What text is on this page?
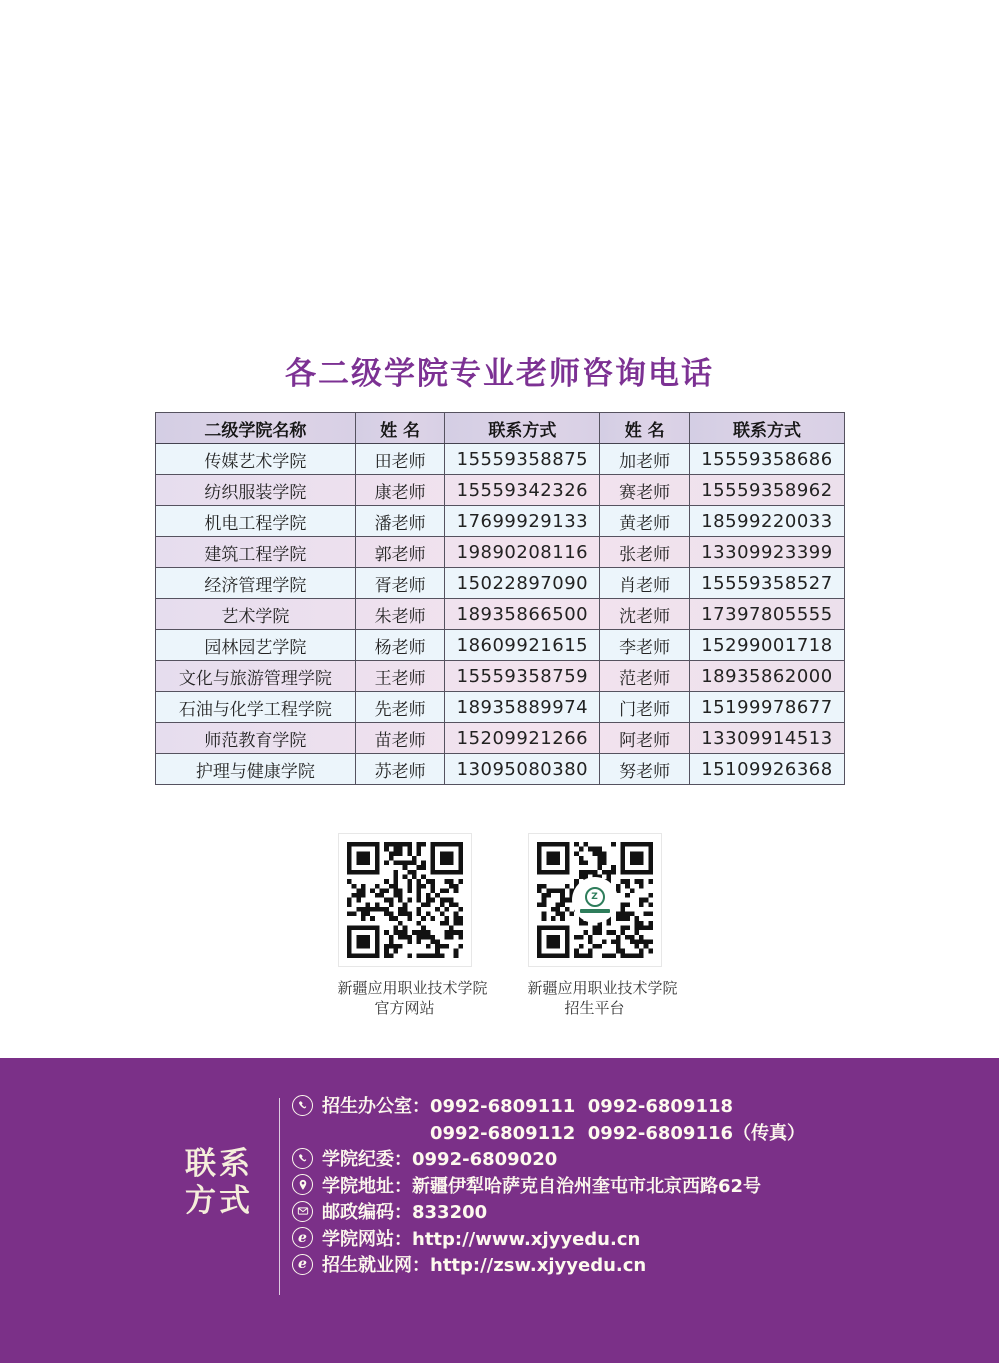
各二级学院专业老师咨询电话
二级学院名称	姓 名	联系方式	姓 名	联系方式
传媒艺术学院	田老师	15559358875	加老师	15559358686
纺织服装学院	康老师	15559342326	赛老师	15559358962
机电工程学院	潘老师	17699929133	黄老师	18599220033
建筑工程学院	郭老师	19890208116	张老师	13309923399
经济管理学院	胥老师	15022897090	肖老师	15559358527
艺术学院	朱老师	18935866500	沈老师	17397805555
园林园艺学院	杨老师	18609921615	李老师	15299001718
文化与旅游管理学院	王老师	15559358759	范老师	18935862000
石油与化学工程学院	先老师	18935889974	门老师	15199978677
师范教育学院	苗老师	15209921266	阿老师	13309914513
护理与健康学院	苏老师	13095080380	努老师	15109926368
新疆应用职业技术学院
官方网站
Z
新疆应用职业技术学院
招生平台
联系
方式
招生办公室：0992-6809111  0992-6809118
0992-6809112  0992-6809116（传真）
学院纪委：0992-6809020
学院地址：新疆伊犁哈萨克自治州奎屯市北京西路62号
邮政编码：833200
e 学院网站：http://www.xjyyedu.cn
e 招生就业网：http://zsw.xjyyedu.cn
